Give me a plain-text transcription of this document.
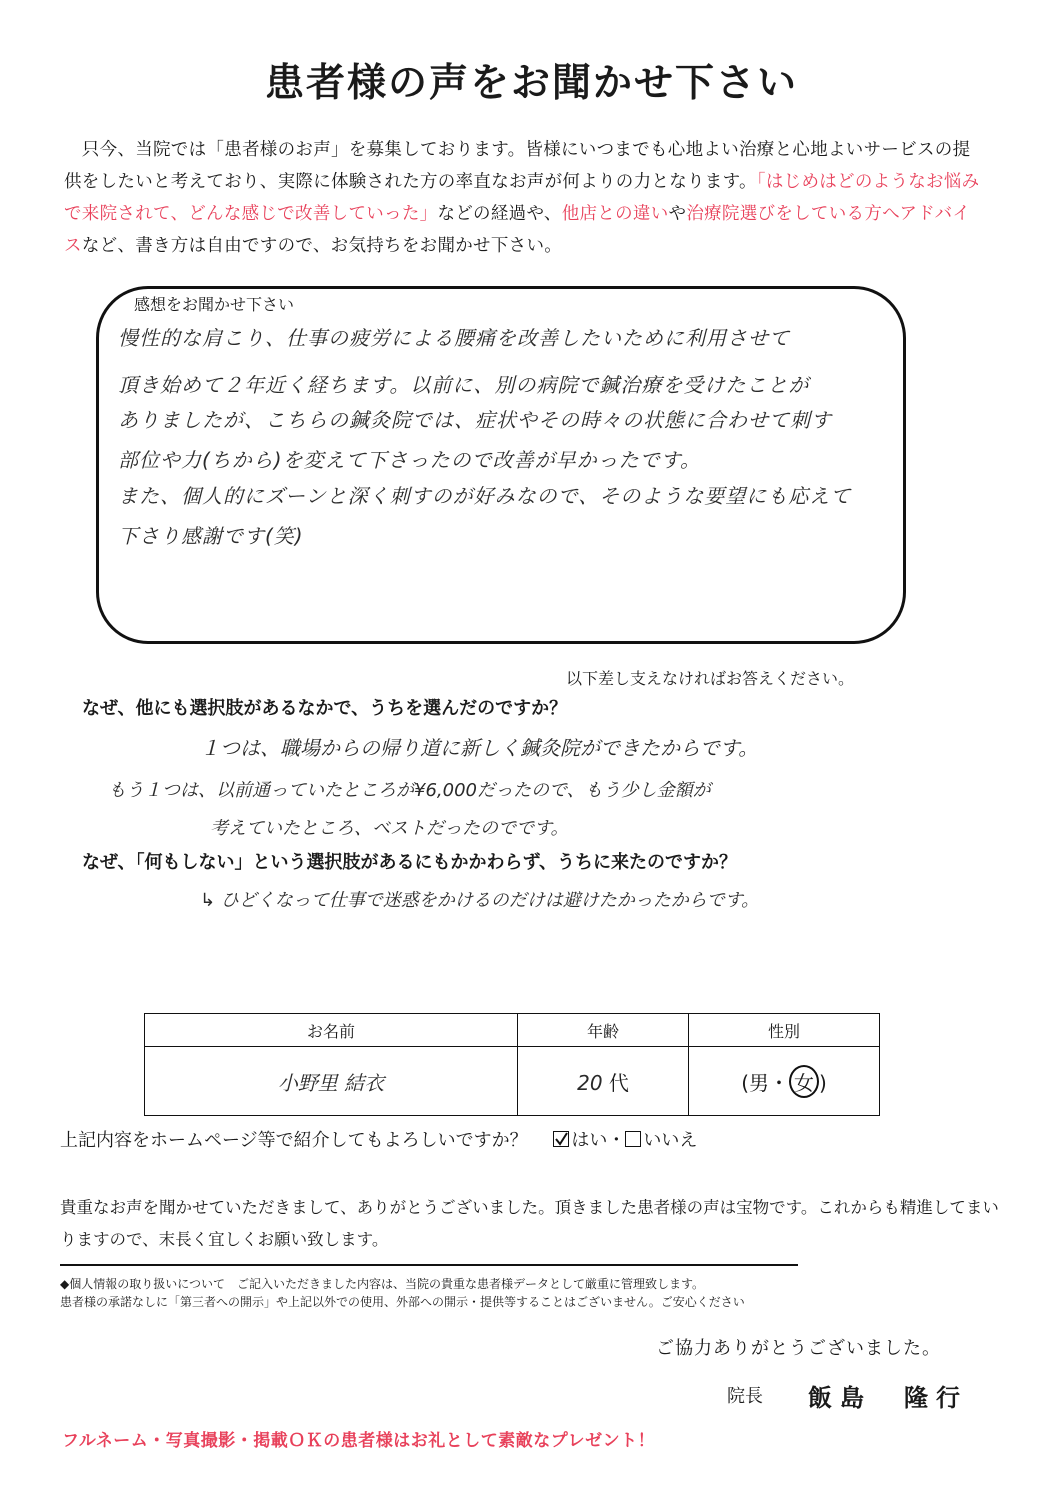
患者様の声をお聞かせ下さい
　只今、当院では「患者様のお声」を募集しております。皆様にいつまでも心地よい治療と心地よいサービスの提供をしたいと考えており、実際に体験された方の率直なお声が何よりの力となります。「はじめはどのようなお悩みで来院されて、どんな感じで改善していった」などの経過や、他店との違いや治療院選びをしている方へアドバイスなど、書き方は自由ですので、お気持ちをお聞かせ下さい。
感想をお聞かせ下さい
慢性的な肩こり、仕事の疲労による腰痛を改善したいために利用させて
頂き始めて２年近く経ちます。以前に、別の病院で鍼治療を受けたことが
ありましたが、こちらの鍼灸院では、症状やその時々の状態に合わせて刺す
部位や力(ちから)を変えて下さったので改善が早かったです。
また、個人的にズーンと深く刺すのが好みなので、そのような要望にも応えて
下さり感謝です(笑)
以下差し支えなければお答えください。
なぜ、他にも選択肢があるなかで、うちを選んだのですか？
１つは、職場からの帰り道に新しく鍼灸院ができたからです。
もう１つは、以前通っていたところが¥6,000だったので、もう少し金額が
考えていたところ、ベストだったのでです。
なぜ、「何もしない」という選択肢があるにもかかわらず、うちに来たのですか？
↳ ひどくなって仕事で迷惑をかけるのだけは避けたかったからです。
お名前	年齢	性別
小野里 結衣	20 代	(男・ 女 )
上記内容をホームページ等で紹介してもよろしいですか？ はい・ いいえ
貴重なお声を聞かせていただきまして、ありがとうございました。頂きました患者様の声は宝物です。これからも精進してまいりますので、末長く宜しくお願い致します。
◆個人情報の取り扱いについて　ご記入いただきました内容は、当院の貴重な患者様データとして厳重に管理致します。
患者様の承諾なしに「第三者への開示」や上記以外での使用、外部への開示・提供等することはございません。ご安心ください
ご協力ありがとうございました。
院長 飯島　隆行
フルネーム・写真撮影・掲載ＯＫの患者様はお礼として素敵なプレゼント！
